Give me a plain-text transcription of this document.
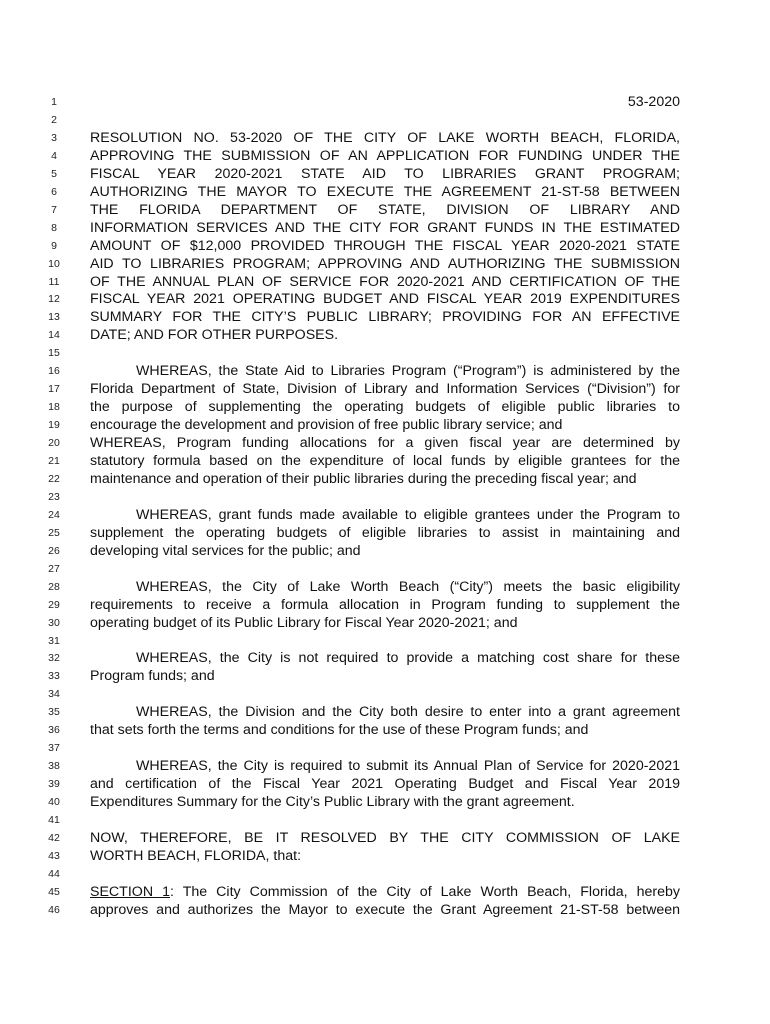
1	53-2020
2
3	RESOLUTION NO. 53-2020 OF THE CITY OF LAKE WORTH BEACH, FLORIDA,
4	APPROVING THE SUBMISSION OF AN APPLICATION FOR FUNDING UNDER THE
5	FISCAL YEAR 2020-2021 STATE AID TO LIBRARIES GRANT PROGRAM;
6	AUTHORIZING THE MAYOR TO EXECUTE THE AGREEMENT 21-ST-58 BETWEEN
7	THE FLORIDA DEPARTMENT OF STATE, DIVISION OF LIBRARY AND
8	INFORMATION SERVICES AND THE CITY FOR GRANT FUNDS IN THE ESTIMATED
9	AMOUNT OF $12,000 PROVIDED THROUGH THE FISCAL YEAR 2020-2021 STATE
10	AID TO LIBRARIES PROGRAM; APPROVING AND AUTHORIZING THE SUBMISSION
11	OF THE ANNUAL PLAN OF SERVICE FOR 2020-2021 AND CERTIFICATION OF THE
12	FISCAL YEAR 2021 OPERATING BUDGET AND FISCAL YEAR 2019 EXPENDITURES
13	SUMMARY FOR THE CITY’S PUBLIC LIBRARY; PROVIDING FOR AN EFFECTIVE
14	DATE; AND FOR OTHER PURPOSES.
15
16	WHEREAS, the State Aid to Libraries Program (“Program”) is administered by the
17	Florida Department of State, Division of Library and Information Services (“Division”) for
18	the purpose of supplementing the operating budgets of eligible public libraries to
19	encourage the development and provision of free public library service; and
20	WHEREAS, Program funding allocations for a given fiscal year are determined by
21	statutory formula based on the expenditure of local funds by eligible grantees for the
22	maintenance and operation of their public libraries during the preceding fiscal year; and
23
24	WHEREAS, grant funds made available to eligible grantees under the Program to
25	supplement the operating budgets of eligible libraries to assist in maintaining and
26	developing vital services for the public; and
27
28	WHEREAS, the City of Lake Worth Beach (“City”) meets the basic eligibility
29	requirements to receive a formula allocation in Program funding to supplement the
30	operating budget of its Public Library for Fiscal Year 2020-2021; and
31
32	WHEREAS, the City is not required to provide a matching cost share for these
33	Program funds; and
34
35	WHEREAS, the Division and the City both desire to enter into a grant agreement
36	that sets forth the terms and conditions for the use of these Program funds; and
37
38	WHEREAS, the City is required to submit its Annual Plan of Service for 2020-2021
39	and certification of the Fiscal Year 2021 Operating Budget and Fiscal Year 2019
40	Expenditures Summary for the City’s Public Library with the grant agreement.
41
42	NOW, THEREFORE, BE IT RESOLVED BY THE CITY COMMISSION OF LAKE
43	WORTH BEACH, FLORIDA, that:
44
45	SECTION 1: The City Commission of the City of Lake Worth Beach, Florida, hereby
46	approves and authorizes the Mayor to execute the Grant Agreement 21-ST-58 between
